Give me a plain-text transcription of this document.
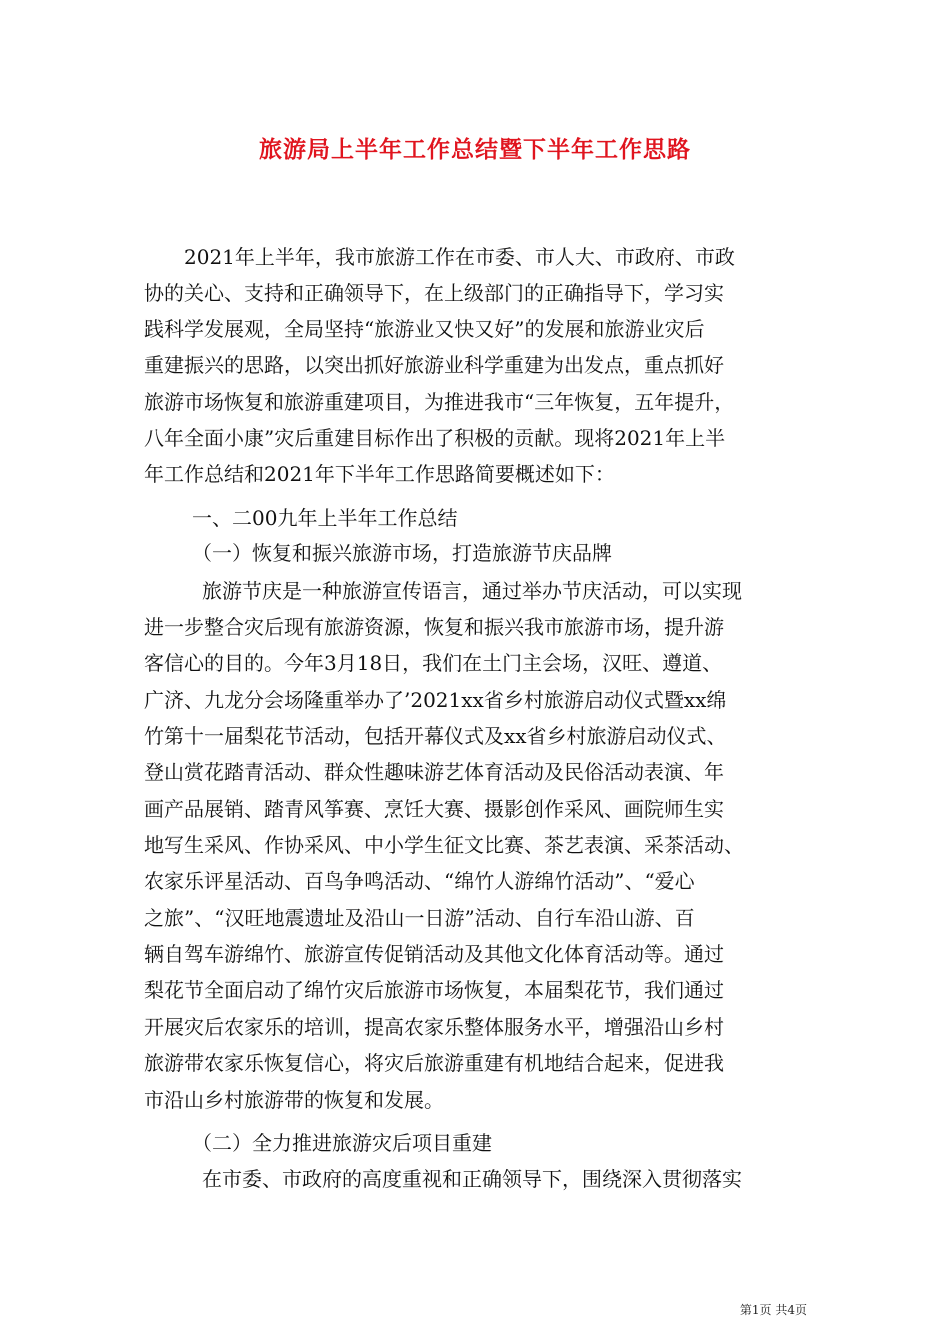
旅游局上半年工作总结暨下半年工作思路
2021年上半年，我市旅游工作在市委、市人大、市政府、市政
协的关心、支持和正确领导下，在上级部门的正确指导下，学习实
践科学发展观，全局坚持“旅游业又快又好”的发展和旅游业灾后
重建振兴的思路，以突出抓好旅游业科学重建为出发点，重点抓好
旅游市场恢复和旅游重建项目，为推进我市“三年恢复，五年提升，
八年全面小康”灾后重建目标作出了积极的贡献。现将2021年上半
年工作总结和2021年下半年工作思路简要概述如下：
一、二00九年上半年工作总结
（一）恢复和振兴旅游市场，打造旅游节庆品牌
旅游节庆是一种旅游宣传语言，通过举办节庆活动，可以实现
进一步整合灾后现有旅游资源，恢复和振兴我市旅游市场，提升游
客信心的目的。今年3月18日，我们在土门主会场，汉旺、遵道、
广济、九龙分会场隆重举办了’2021xx省乡村旅游启动仪式暨xx绵
竹第十一届梨花节活动，包括开幕仪式及xx省乡村旅游启动仪式、
登山赏花踏青活动、群众性趣味游艺体育活动及民俗活动表演、年
画产品展销、踏青风筝赛、烹饪大赛、摄影创作采风、画院师生实
地写生采风、作协采风、中小学生征文比赛、茶艺表演、采茶活动、
农家乐评星活动、百鸟争鸣活动、“绵竹人游绵竹活动”、“爱心
之旅”、“汉旺地震遗址及沿山一日游”活动、自行车沿山游、百
辆自驾车游绵竹、旅游宣传促销活动及其他文化体育活动等。通过
梨花节全面启动了绵竹灾后旅游市场恢复，本届梨花节，我们通过
开展灾后农家乐的培训，提高农家乐整体服务水平，增强沿山乡村
旅游带农家乐恢复信心，将灾后旅游重建有机地结合起来，促进我
市沿山乡村旅游带的恢复和发展。
（二）全力推进旅游灾后项目重建
在市委、市政府的高度重视和正确领导下，围绕深入贯彻落实
第1页 共4页
